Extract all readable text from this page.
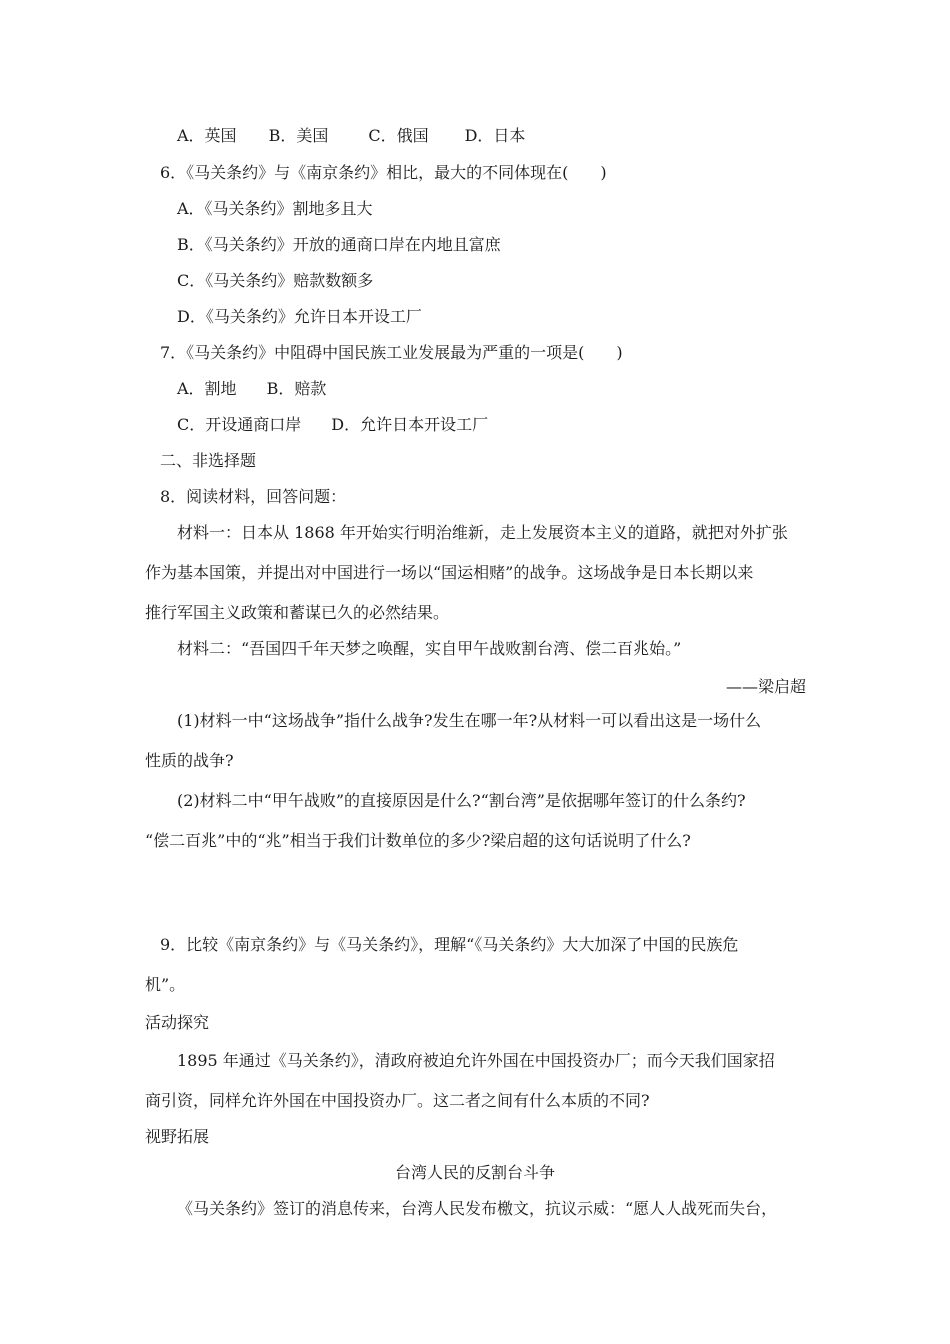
A．英国 B．美国	C．俄国 D．日本
6．《马关条约》与《南京条约》相比，最大的不同体现在(　　)
A．《马关条约》割地多且大
B．《马关条约》开放的通商口岸在内地且富庶
C．《马关条约》赔款数额多
D．《马关条约》允许日本开设工厂
7．《马关条约》中阻碍中国民族工业发展最为严重的一项是(　　)
A．割地 B．赔款
C．开设通商口岸 D．允许日本开设工厂
二、非选择题
8．阅读材料，回答问题：
材料一：日本从 1868 年开始实行明治维新，走上发展资本主义的道路，就把对外扩张
作为基本国策，并提出对中国进行一场以“国运相赌”的战争。这场战争是日本长期以来
推行军国主义政策和蓄谋已久的必然结果。
材料二：“吾国四千年天梦之唤醒，实自甲午战败割台湾、偿二百兆始。”
——梁启超
(1)材料一中“这场战争”指什么战争?发生在哪一年?从材料一可以看出这是一场什么
性质的战争?
(2)材料二中“甲午战败”的直接原因是什么?“割台湾”是依据哪年签订的什么条约?
“偿二百兆”中的“兆”相当于我们计数单位的多少?梁启超的这句话说明了什么?
9．比较《南京条约》与《马关条约》，理解“《马关条约》大大加深了中国的民族危
机”。
活动探究
1895 年通过《马关条约》，清政府被迫允许外国在中国投资办厂；而今天我们国家招
商引资，同样允许外国在中国投资办厂。这二者之间有什么本质的不同?
视野拓展
台湾人民的反割台斗争
《马关条约》签订的消息传来，台湾人民发布檄文，抗议示威：“愿人人战死而失台，
